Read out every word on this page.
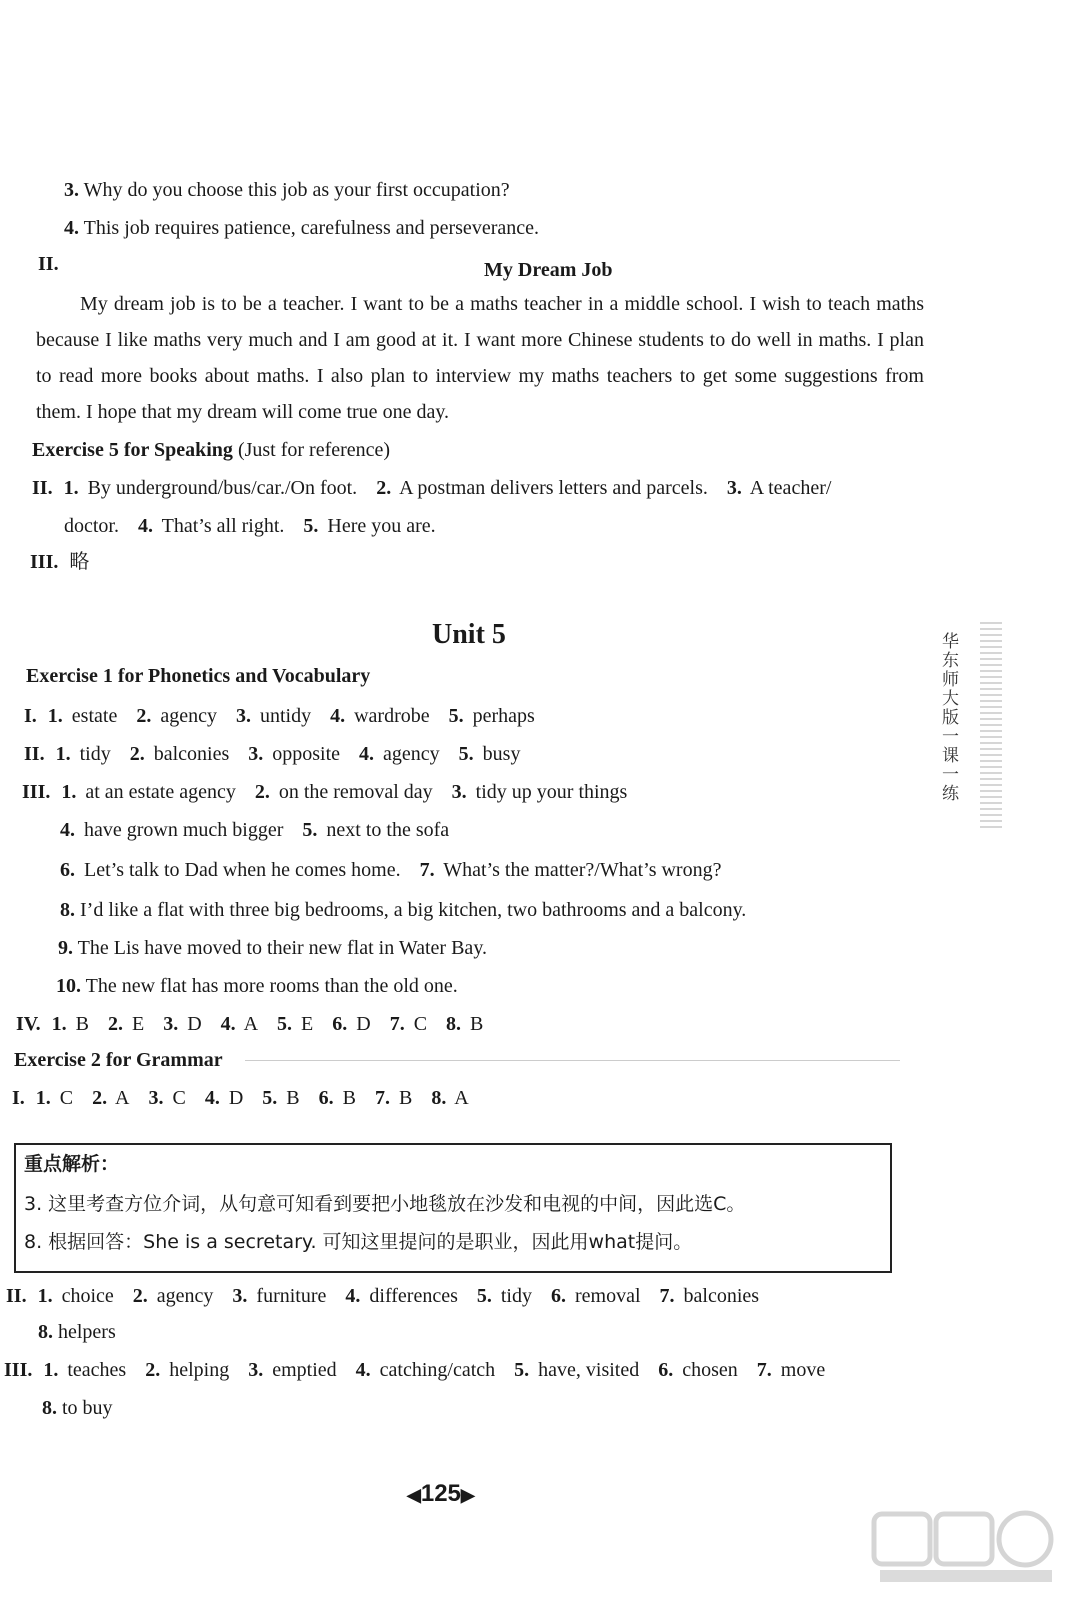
3. Why do you choose this job as your first occupation?
4. This job requires patience, carefulness and perseverance.
II.	My Dream Job
My dream job is to be a teacher. I want to be a maths teacher in a middle school. I wish to teach maths because I like maths very much and I am good at it. I want more Chinese students to do well in maths. I plan to read more books about maths. I also plan to interview my maths teachers to get some suggestions from them. I hope that my dream will come true one day.
Exercise 5 for Speaking (Just for reference)
II. 1. By underground/bus/car./On foot. 2. A postman delivers letters and parcels. 3. A teacher/
doctor. 4. That’s all right. 5. Here you are.
III. 略
Unit 5
Exercise 1 for Phonetics and Vocabulary
I. 1. estate 2. agency 3. untidy 4. wardrobe 5. perhaps
II. 1. tidy 2. balconies 3. opposite 4. agency 5. busy
III. 1. at an estate agency 2. on the removal day 3. tidy up your things
4. have grown much bigger 5. next to the sofa
6. Let’s talk to Dad when he comes home. 7. What’s the matter?/What’s wrong?
8. I’d like a flat with three big bedrooms, a big kitchen, two bathrooms and a balcony.
9. The Lis have moved to their new flat in Water Bay.
10. The new flat has more rooms than the old one.
IV. 1. B 2. E 3. D 4. A 5. E 6. D 7. C 8. B
Exercise 2 for Grammar
I. 1. C 2. A 3. C 4. D 5. B 6. B 7. B 8. A
重点解析：
3. 这里考查方位介词，从句意可知看到要把小地毯放在沙发和电视的中间，因此选C。
8. 根据回答：She is a secretary. 可知这里提问的是职业，因此用what提问。
II. 1. choice 2. agency 3. furniture 4. differences 5. tidy 6. removal 7. balconies
8. helpers
III. 1. teaches 2. helping 3. emptied 4. catching/catch 5. have, visited 6. chosen 7. move
8. to buy
华东师大版一课一练
◀125▶
